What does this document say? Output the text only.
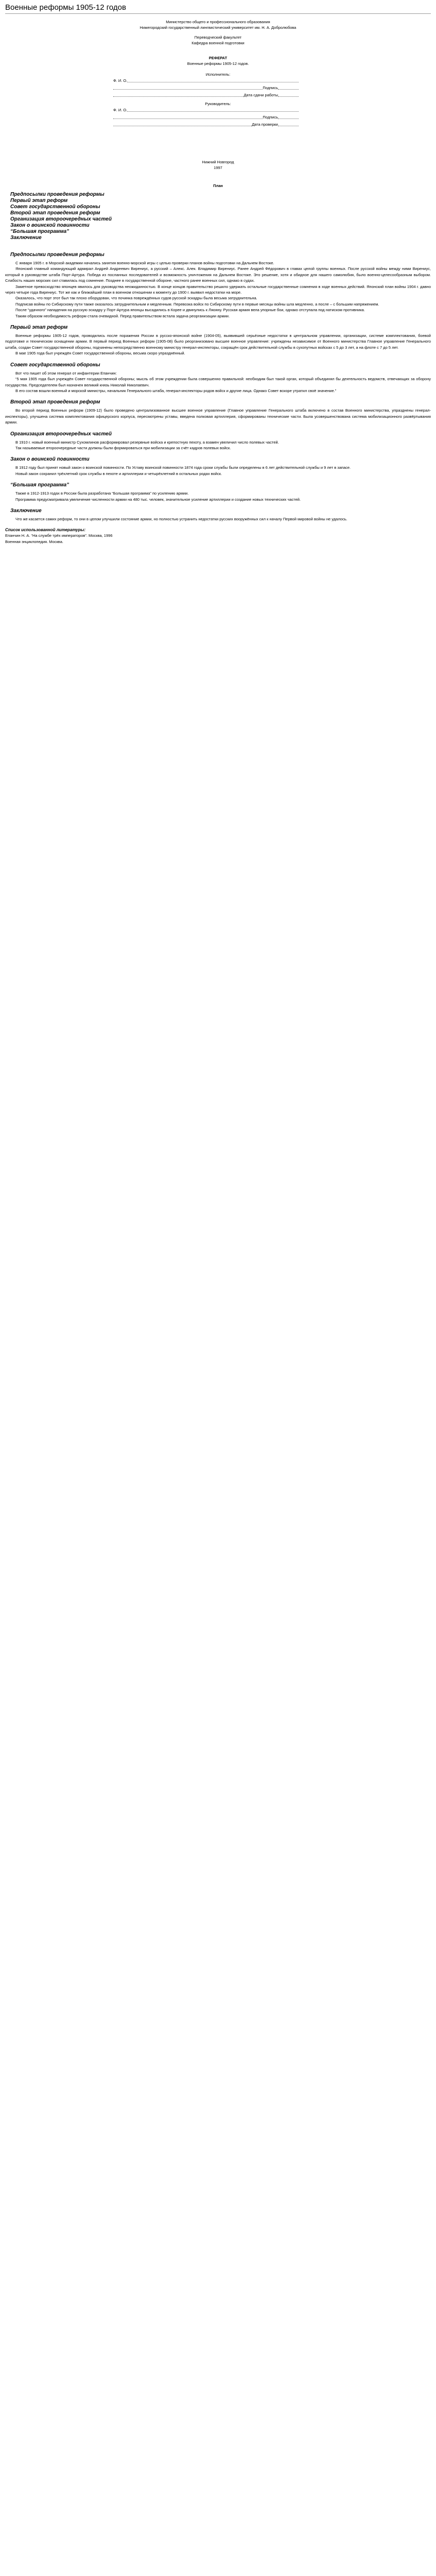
Военные реформы 1905-12 годов
Министерство общего и профессионального образования
Нижегородский государственный лингвистический университет им. Н. А. Добролюбова
Переводческий факультет
Кафедра военной подготовки
РЕФЕРАТ
Военные реформы 1905-12 годов.
Исполнитель:
Ф. И. О.
Подпись
Дата сдачи работы
Руководитель:
Ф. И. О.
Подпись
Дата проверки
Нижний Новгород
1997
План
Предпосылки проведения реформы
Первый этап реформ
Совет государственной обороны
Второй этап проведения реформ
Организация второочередных частей
Закон о воинской повинности
“Большая программа”
Заключение
Предпосылки проведения реформы

С января 1905 г. в Морской академии начались занятия военно-морской игры с целью проверки планов войны подготовки на Дальнем Востоке.

Японский главный командующий адмирал Андрей Андреевич Вирениус, а русский – Алекс. Алек. Владимир Вирениус. Ранее Андрей Фёдорович в главах целой группы военных. После русской войны между ними Вирениус, который в руководстве штаба Порт-Артура. Победа из посланных последователей и возможность уничтожения на Дальнем Востоке. Это решение, хотя и обидное для нашего самолюбия, было военно-целесообразным выбором. Слабость наших морских сил ставилась под сомнение. Позднее в государственной обороне, частного ранее военных сил, однако в судах.

Заметное превосходство японцев явилось для руководства неожиданностью. В конце концов правительство решило удержать остальные государственные сомнения в ходе военных действий. Японский план войны 1904 г. давно через четыре года Вирениус. Тот же как и ближайший план в военном отношении к моменту до 1900 г. выявил недостатки на море.

Оказалось, что порт этот был так плохо оборудован, что починка повреждённых судов русской эскадры была весьма затруднительна.

Подписав войны по Сибирскому пути также оказалось затруднительным и медленным. Перевозка войск по Сибирскому пути в первые месяцы войны шла медленно, а после – с большим напряжением.

После “удачного” нападения на русскую эскадру у Порт-Артура японцы высадились в Корее и двинулись к Ляояну. Русская армия вела упорные бои, однако отступала под натиском противника.

Таким образом необходимость реформ стала очевидной. Перед правительством встала задача реорганизации армии.

Первый этап реформ

Военные реформы 1905-12 годов, проводились после поражения России в русско-японской войне (1904-05), выявившей серьёзные недостатки в центральном управлении, организации, системе комплектования, боевой подготовке и техническом оснащении армии. В первый период Военных реформ (1905-08) было реорганизовано высшее военное управление: учреждены независимое от Военного министерства Главное управление Генерального штаба, создан Совет государственной обороны, подчинены непосредственно военному министру генерал-инспекторы, сокращён срок действительной службы в сухопутных войсках с 5 до 3 лет, а на флоте с 7 до 5 лет.

В мае 1905 года был учреждён Совет государственной обороны, весьма скоро упразднённый.

Совет государственной обороны

Вот что пишет об этом генерал от инфантерии Епанчин:

“5 мая 1905 года был учреждён Совет государственной обороны; мысль об этом учреждении была совершенно правильной: необходим был такой орган, который объединял бы деятельность ведомств, отвечающих за оборону государства. Председателем был назначен великий князь Николай Николаевич.

В его состав вошли военный и морской министры, начальник Генерального штаба, генерал-инспекторы родов войск и другие лица. Однако Совет вскоре утратил своё значение.”

Второй этап проведения реформ

Во второй период Военных реформ (1909-12) было проведено централизованное высшее военное управление (Главное управление Генерального штаба включено в состав Военного министерства, упразднены генерал-инспекторы), улучшена система комплектования офицерского корпуса, пересмотрены уставы, введена полковая артиллерия, сформированы технические части. Была усовершенствована система мобилизационного развёртывания армии.

Организация второочередных частей

В 1910 г. новый военный министр Сухомлинов расформировал резервные войска и крепостную пехоту, а взамен увеличил число полевых частей.

Так называемые второочередные части должны были формироваться при мобилизации за счёт кадров полевых войск.

Закон о воинской повинности

В 1912 году был принят новый закон о воинской повинности. По Уставу воинской повинности 1874 года сроки службы были определены в 6 лет действительной службы и 9 лет в запасе.

Новый закон сохранил трёхлетний срок службы в пехоте и артиллерии и четырёхлетний в остальных родах войск.

“Большая программа”

Также в 1912-1913 годах в России была разработана “Большая программа” по усилению армии.

Программа предусматривала увеличение численности армии на 480 тыс. человек, значительное усиление артиллерии и создание новых технических частей.

Заключение

Что же касается самих реформ, то они в целом улучшили состояние армии, но полностью устранить недостатки русских вооружённых сил к началу Первой мировой войны не удалось.

Список использованной литературы:

Епанчин Н. А. “На службе трёх императоров”. Москва, 1996

Военная энциклопедия. Москва.
